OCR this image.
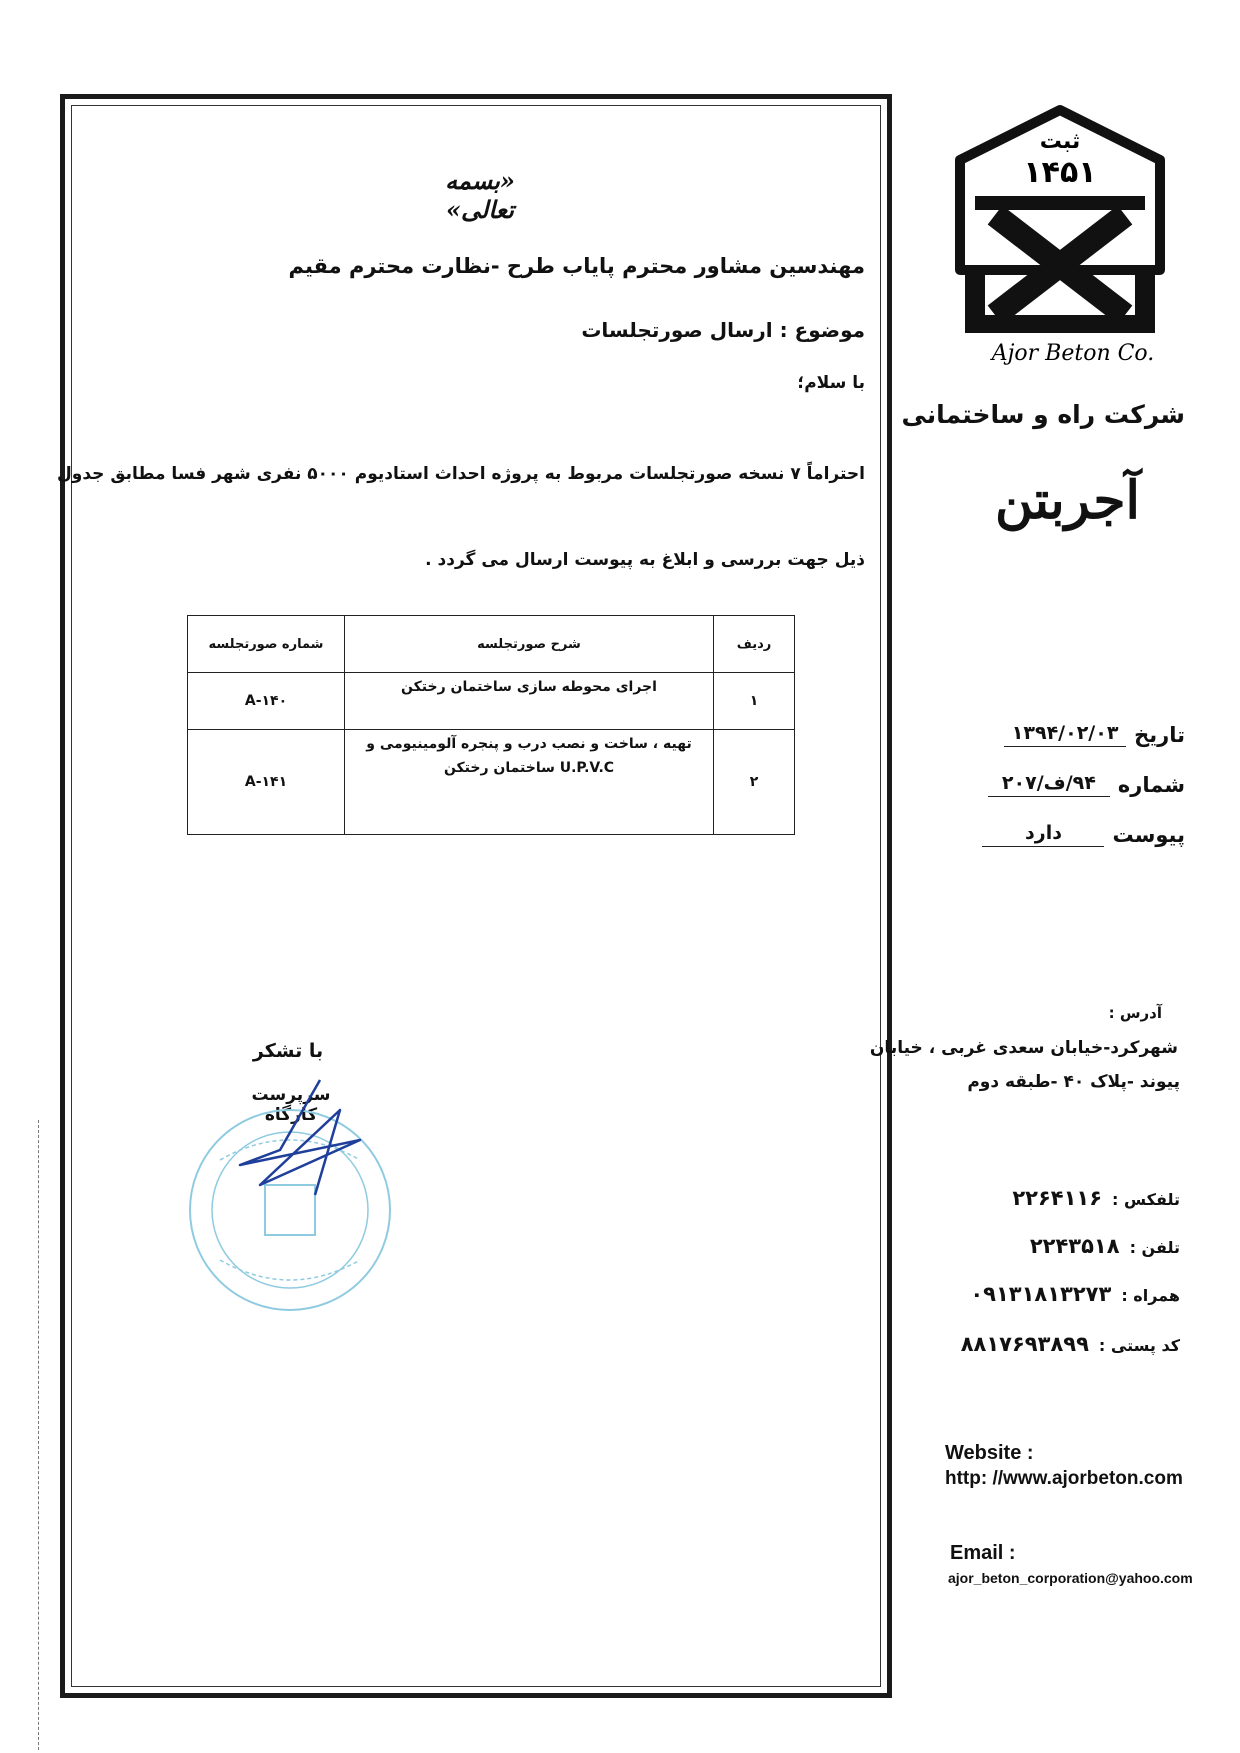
«بسمه تعالی»
مهندسین مشاور محترم پایاب طرح -نظارت محترم مقیم
موضوع : ارسال صورتجلسات
با سلام؛
احتراماً ۷ نسخه صورتجلسات مربوط به پروژه احداث استادیوم ۵۰۰۰ نفری شهر فسا مطابق جدول
ذیل جهت بررسی و ابلاغ به پیوست ارسال می گردد .
ردیف	شرح صورتجلسه	شماره صورتجلسه
۱	اجرای محوطه سازی ساختمان رختکن	A-۱۴۰
۲	تهیه ، ساخت و نصب درب و پنجره آلومینیومی و
U.P.V.C ساختمان رختکن	A-۱۴۱
با تشکر
سرپرست کارگاه
ثبت
۱۴۵۱
Ajor Beton Co.
شرکت راه و ساختمانی
آجربتن
تاریخ
۱۳۹۴/۰۲/۰۳
شماره
۹۴/ف/۲۰۷
پیوست
دارد
آدرس :
شهرکرد-خیابان سعدی غربی ، خیابان
پیوند -پلاک ۴۰ -طبقه دوم
تلفکس :
۲۲۶۴۱۱۶
تلفن :
۲۲۴۳۵۱۸
همراه :
۰۹۱۳۱۸۱۳۲۷۳
کد پستی :
۸۸۱۷۶۹۳۸۹۹
Website :
http: //www.ajorbeton.com
Email :
ajor_beton_corporation@yahoo.com
